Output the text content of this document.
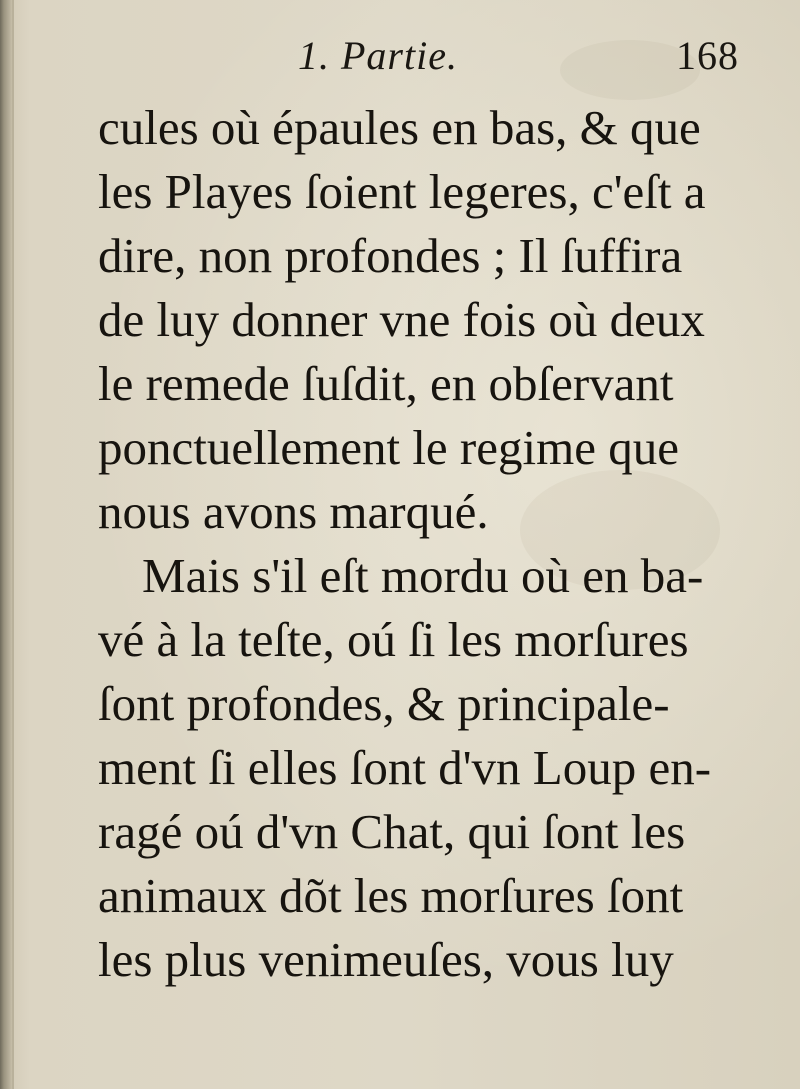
1. Partie.	168
cules où épaules en bas, & que
les Playes ſoient legeres, c'eſt a
dire, non profondes ; Il ſuffira
de luy donner vne fois où deux
le remede ſuſdit, en obſervant
ponctuellement le regime que
nous avons marqué.
Mais s'il eſt mordu où en ba-
vé à la teſte, oú ſi les morſures
ſont profondes, & principale-
ment ſi elles ſont d'vn Loup en-
ragé oú d'vn Chat, qui ſont les
animaux dõt les morſures ſont
les plus venimeuſes, vous luy
